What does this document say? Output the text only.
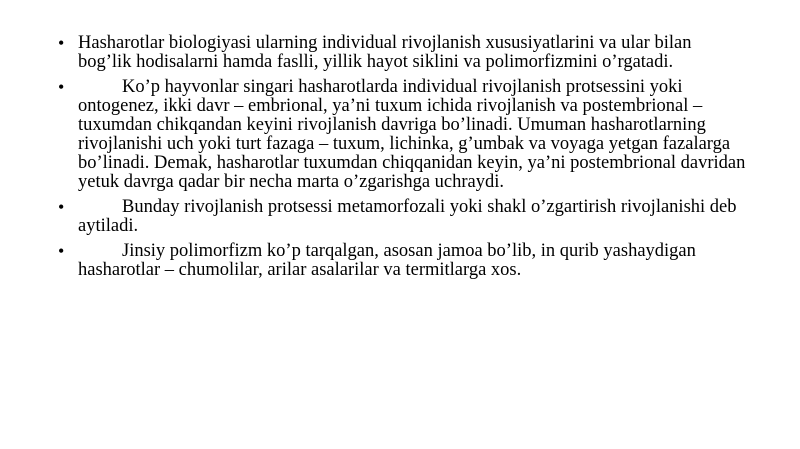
• Hasharotlar biologiyasi ularning individual rivojlanish xususiyatlarini va ular bilan bog’lik hodisalarni hamda faslli, yillik hayot siklini va polimorfizmini o’rgatadi.
•	Ko’p hayvonlar singari hasharotlarda individual rivojlanish protsessini yoki ontogenez, ikki davr – embrional, ya’ni tuxum ichida rivojlanish va postembrional – tuxumdan chikqandan keyini rivojlanish davriga bo’linadi. Umuman hasharotlarning rivojlanishi uch yoki turt fazaga – tuxum, lichinka, g’umbak va voyaga yetgan fazalarga bo’linadi. Demak, hasharotlar tuxumdan chiqqanidan keyin, ya’ni postembrional davridan yetuk davrga qadar bir necha marta o’zgarishga uchraydi.
•	Bunday rivojlanish protsessi metamorfozali yoki shakl o’zgartirish rivojlanishi deb aytiladi.
•	Jinsiy polimorfizm ko’p tarqalgan, asosan jamoa bo’lib, in qurib yashaydigan hasharotlar – chumolilar, arilar asalarilar va termitlarga xos.
